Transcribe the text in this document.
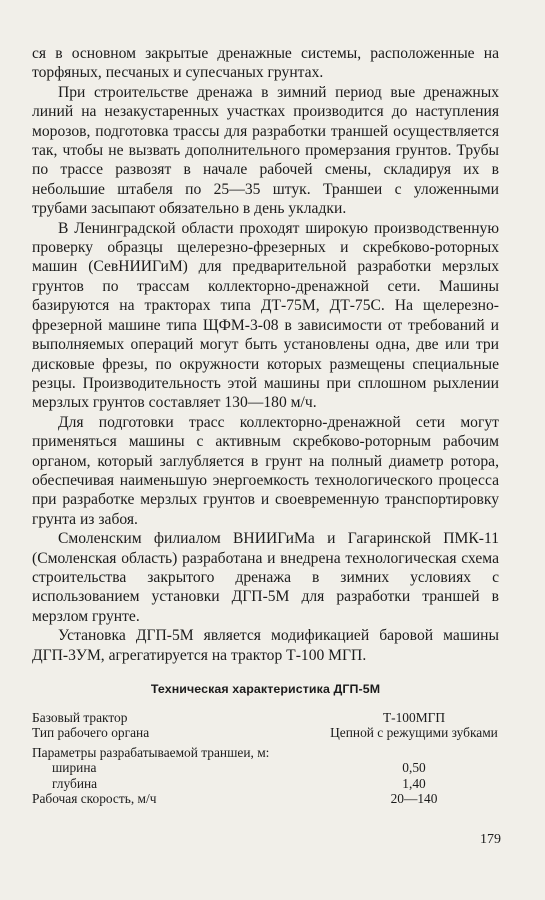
ся в основном закрытые дренажные системы, расположенные на торфяных, песчаных и супесчаных грунтах.

При строительстве дренажа в зимний период вые дренажных линий на незакустаренных участках производится до наступления морозов, подготовка трассы для разработки траншей осуществляется так, чтобы не вызвать дополнительного промерзания грунтов. Трубы по трассе развозят в начале рабочей смены, складируя их в небольшие штабеля по 25—35 штук. Траншеи с уложенными трубами засыпают обязательно в день укладки.

В Ленинградской области проходят широкую производственную проверку образцы щелерезно-фрезерных и скребково-роторных машин (СевНИИГиМ) для предварительной разработки мерзлых грунтов по трассам коллекторно-дренажной сети. Машины базируются на тракторах типа ДТ-75М, ДТ-75С. На щелерезно-фрезерной машине типа ЩФМ-3-08 в зависимости от требований и выполняемых операций могут быть установлены одна, две или три дисковые фрезы, по окружности которых размещены специальные резцы. Производительность этой машины при сплошном рыхлении мерзлых грунтов составляет 130—180 м/ч.

Для подготовки трасс коллекторно-дренажной сети могут применяться машины с активным скребково-роторным рабочим органом, который заглубляется в грунт на полный диаметр ротора, обеспечивая наименьшую энергоемкость технологического процесса при разработке мерзлых грунтов и своевременную транспортировку грунта из забоя.

Смоленским филиалом ВНИИГиМа и Гагаринской ПМК-11 (Смоленская область) разработана и внедрена технологическая схема строительства закрытого дренажа в зимних условиях с использованием установки ДГП-5М для разработки траншей в мерзлом грунте.

Установка ДГП-5М является модификацией баровой машины ДГП-3УМ, агрегатируется на трактор Т-100 МГП.

Техническая характеристика ДГП-5М
Базовый трактор	Т-100МГП
Тип рабочего органа	Цепной с режущими зубками
Параметры разрабатываемой траншеи, м:
ширина	0,50
глубина	1,40
Рабочая скорость, м/ч	20—140
179
